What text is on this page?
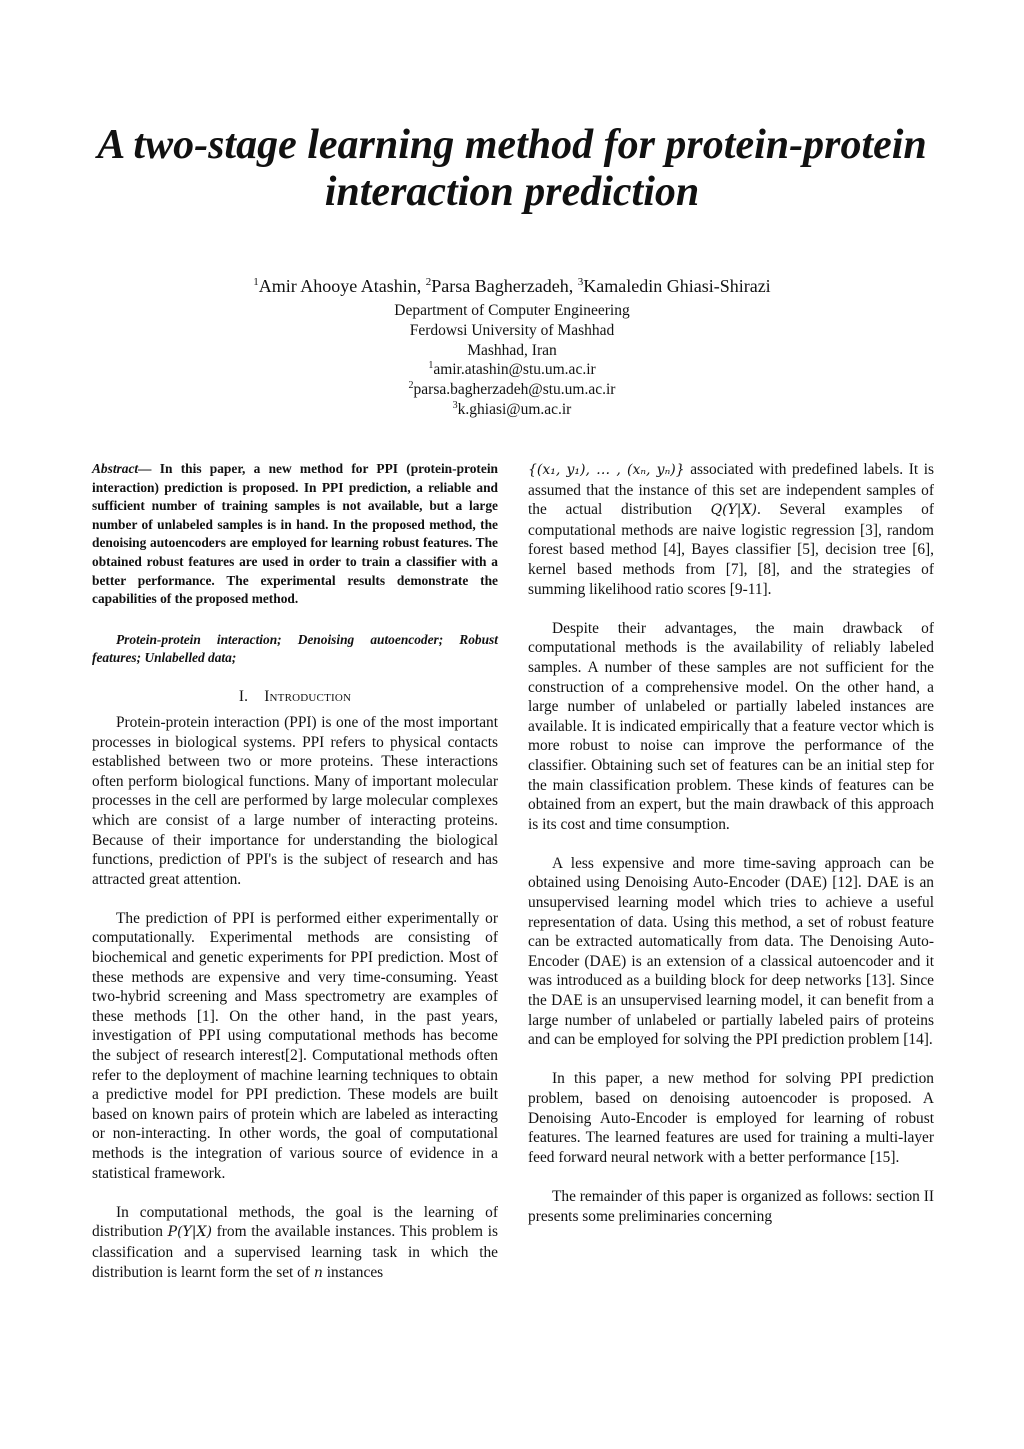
A two-stage learning method for protein-protein
interaction prediction
$^1$Amir Ahooye Atashin, $^2$Parsa Bagherzadeh, $^3$Kamaledin Ghiasi-Shirazi
Department of Computer Engineering
Ferdowsi University of Mashhad
Mashhad, Iran
$^1$amir.atashin@stu.um.ac.ir
$^2$parsa.bagherzadeh@stu.um.ac.ir
$^3$k.ghiasi@um.ac.ir

Abstract— In this paper, a new method for PPI (protein-protein interaction) prediction is proposed. In PPI prediction, a reliable and sufficient number of training samples is not available, but a large number of unlabeled samples is in hand. In the proposed method, the denoising autoencoders are employed for learning robust features. The obtained robust features are used in order to train a classifier with a better performance. The experimental results demonstrate the capabilities of the proposed method.

Protein-protein interaction; Denoising autoencoder; Robust features; Unlabelled data;

I. Introduction

Protein-protein interaction (PPI) is one of the most important processes in biological systems. PPI refers to physical contacts established between two or more proteins. These interactions often perform biological functions. Many of important molecular processes in the cell are performed by large molecular complexes which are consist of a large number of interacting proteins. Because of their importance for understanding the biological functions, prediction of PPI's is the subject of research and has attracted great attention.

The prediction of PPI is performed either experimentally or computationally. Experimental methods are consisting of biochemical and genetic experiments for PPI prediction. Most of these methods are expensive and very time-consuming. Yeast two-hybrid screening and Mass spectrometry are examples of these methods [1]. On the other hand, in the past years, investigation of PPI using computational methods has become the subject of research interest[2]. Computational methods often refer to the deployment of machine learning techniques to obtain a predictive model for PPI prediction. These models are built based on known pairs of protein which are labeled as interacting or non-interacting. In other words, the goal of computational methods is the integration of various source of evidence in a statistical framework.

In computational methods, the goal is the learning of distribution P(Y|X) from the available instances. This problem is classification and a supervised learning task in which the distribution is learnt form the set of n instances

{(x₁, y₁), … , (xₙ, yₙ)} associated with predefined labels. It is assumed that the instance of this set are independent samples of the actual distribution Q(Y|X). Several examples of computational methods are naive logistic regression [3], random forest based method [4], Bayes classifier [5], decision tree [6], kernel based methods from [7], [8], and the strategies of summing likelihood ratio scores [9-11].

Despite their advantages, the main drawback of computational methods is the availability of reliably labeled samples. A number of these samples are not sufficient for the construction of a comprehensive model. On the other hand, a large number of unlabeled or partially labeled instances are available. It is indicated empirically that a feature vector which is more robust to noise can improve the performance of the classifier. Obtaining such set of features can be an initial step for the main classification problem. These kinds of features can be obtained from an expert, but the main drawback of this approach is its cost and time consumption.

A less expensive and more time-saving approach can be obtained using Denoising Auto-Encoder (DAE) [12]. DAE is an unsupervised learning model which tries to achieve a useful representation of data. Using this method, a set of robust feature can be extracted automatically from data. The Denoising Auto-Encoder (DAE) is an extension of a classical autoencoder and it was introduced as a building block for deep networks [13]. Since the DAE is an unsupervised learning model, it can benefit from a large number of unlabeled or partially labeled pairs of proteins and can be employed for solving the PPI prediction problem [14].

In this paper, a new method for solving PPI prediction problem, based on denoising autoencoder is proposed. A Denoising Auto-Encoder is employed for learning of robust features. The learned features are used for training a multi-layer feed forward neural network with a better performance [15].

The remainder of this paper is organized as follows: section II presents some preliminaries concerning
